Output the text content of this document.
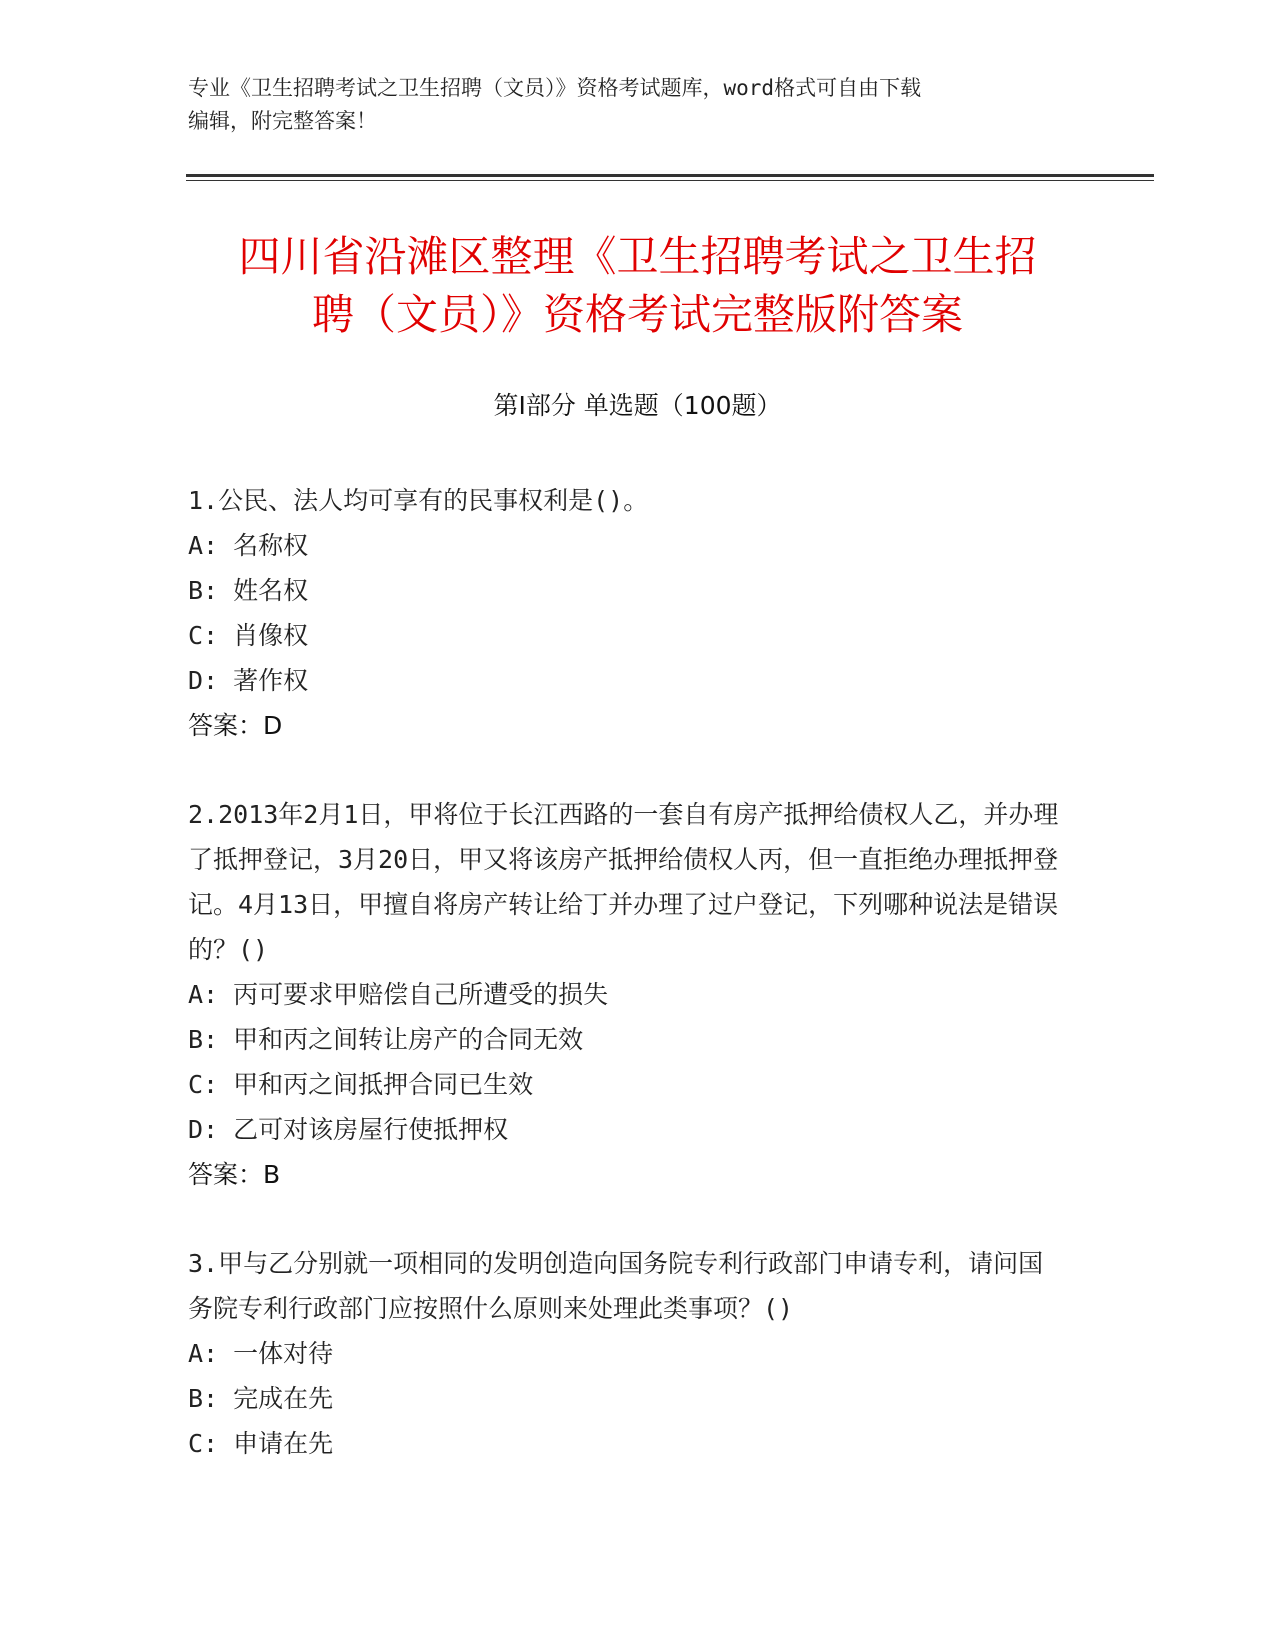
专业《卫生招聘考试之卫生招聘（文员）》资格考试题库，word格式可自由下载
编辑，附完整答案！
四川省沿滩区整理《卫生招聘考试之卫生招
聘（文员）》资格考试完整版附答案
第Ⅰ部分 单选题（100题）
1.公民、法人均可享有的民事权利是()。
A: 名称权
B: 姓名权
C: 肖像权
D: 著作权
答案：D
2.2013年2月1日，甲将位于长江西路的一套自有房产抵押给债权人乙，并办理了抵押登记，3月20日，甲又将该房产抵押给债权人丙，但一直拒绝办理抵押登记。4月13日，甲擅自将房产转让给丁并办理了过户登记，下列哪种说法是错误的？()
A: 丙可要求甲赔偿自己所遭受的损失
B: 甲和丙之间转让房产的合同无效
C: 甲和丙之间抵押合同已生效
D: 乙可对该房屋行使抵押权
答案：B
3.甲与乙分别就一项相同的发明创造向国务院专利行政部门申请专利，请问国务院专利行政部门应按照什么原则来处理此类事项？()
A: 一体对待
B: 完成在先
C: 申请在先
